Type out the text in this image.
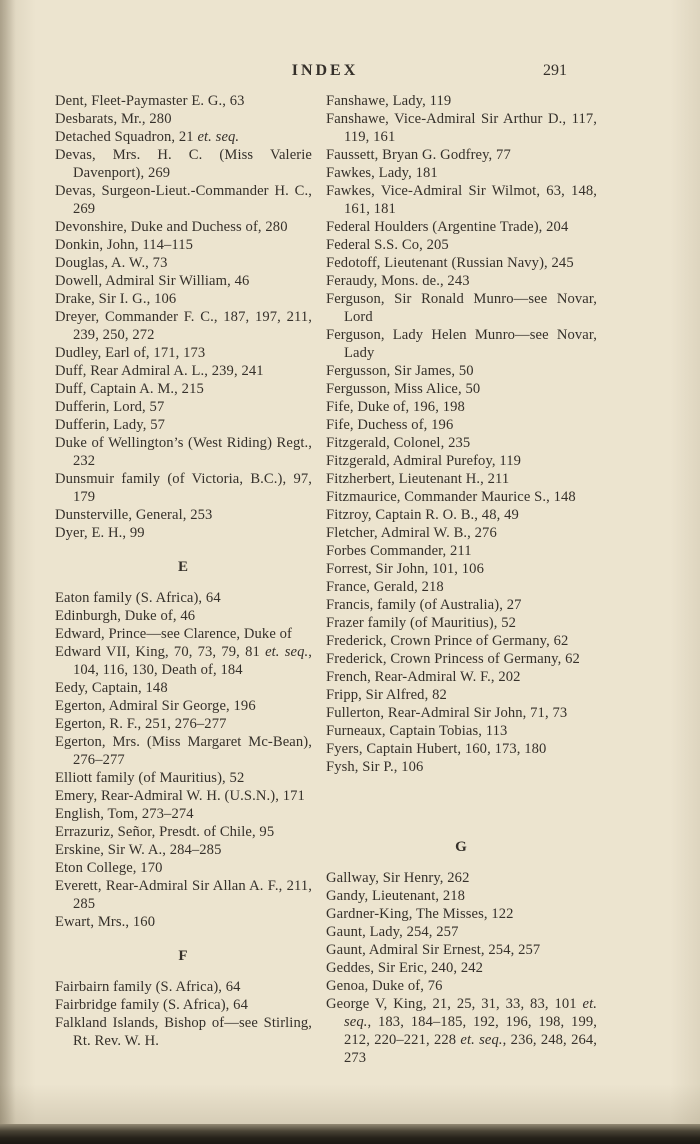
INDEX	291
Dent, Fleet-Paymaster E. G., 63
Desbarats, Mr., 280
Detached Squadron, 21 et. seq.
Devas, Mrs. H. C. (Miss Valerie Davenport), 269
Devas, Surgeon-Lieut.-Commander H. C., 269
Devonshire, Duke and Duchess of, 280
Donkin, John, 114–115
Douglas, A. W., 73
Dowell, Admiral Sir William, 46
Drake, Sir I. G., 106
Dreyer, Commander F. C., 187, 197, 211, 239, 250, 272
Dudley, Earl of, 171, 173
Duff, Rear Admiral A. L., 239, 241
Duff, Captain A. M., 215
Dufferin, Lord, 57
Dufferin, Lady, 57
Duke of Wellington’s (West Riding) Regt., 232
Dunsmuir family (of Victoria, B.C.), 97, 179
Dunsterville, General, 253
Dyer, E. H., 99
E
Eaton family (S. Africa), 64
Edinburgh, Duke of, 46
Edward, Prince—see Clarence, Duke of
Edward VII, King, 70, 73, 79, 81 et. seq., 104, 116, 130, Death of, 184
Eedy, Captain, 148
Egerton, Admiral Sir George, 196
Egerton, R. F., 251, 276–277
Egerton, Mrs. (Miss Margaret Mc-Bean), 276–277
Elliott family (of Mauritius), 52
Emery, Rear-Admiral W. H. (U.S.N.), 171
English, Tom, 273–274
Errazuriz, Señor, Presdt. of Chile, 95
Erskine, Sir W. A., 284–285
Eton College, 170
Everett, Rear-Admiral Sir Allan A. F., 211, 285
Ewart, Mrs., 160
F
Fairbairn family (S. Africa), 64
Fairbridge family (S. Africa), 64
Falkland Islands, Bishop of—see Stirling, Rt. Rev. W. H.
Fanshawe, Lady, 119
Fanshawe, Vice-Admiral Sir Arthur D., 117, 119, 161
Faussett, Bryan G. Godfrey, 77
Fawkes, Lady, 181
Fawkes, Vice-Admiral Sir Wilmot, 63, 148, 161, 181
Federal Houlders (Argentine Trade), 204
Federal S.S. Co, 205
Fedotoff, Lieutenant (Russian Navy), 245
Feraudy, Mons. de., 243
Ferguson, Sir Ronald Munro—see Novar, Lord
Ferguson, Lady Helen Munro—see Novar, Lady
Fergusson, Sir James, 50
Fergusson, Miss Alice, 50
Fife, Duke of, 196, 198
Fife, Duchess of, 196
Fitzgerald, Colonel, 235
Fitzgerald, Admiral Purefoy, 119
Fitzherbert, Lieutenant H., 211
Fitzmaurice, Commander Maurice S., 148
Fitzroy, Captain R. O. B., 48, 49
Fletcher, Admiral W. B., 276
Forbes Commander, 211
Forrest, Sir John, 101, 106
France, Gerald, 218
Francis, family (of Australia), 27
Frazer family (of Mauritius), 52
Frederick, Crown Prince of Germany, 62
Frederick, Crown Princess of Germany, 62
French, Rear-Admiral W. F., 202
Fripp, Sir Alfred, 82
Fullerton, Rear-Admiral Sir John, 71, 73
Furneaux, Captain Tobias, 113
Fyers, Captain Hubert, 160, 173, 180
Fysh, Sir P., 106
G
Gallway, Sir Henry, 262
Gandy, Lieutenant, 218
Gardner-King, The Misses, 122
Gaunt, Lady, 254, 257
Gaunt, Admiral Sir Ernest, 254, 257
Geddes, Sir Eric, 240, 242
Genoa, Duke of, 76
George V, King, 21, 25, 31, 33, 83, 101 et. seq., 183, 184–185, 192, 196, 198, 199, 212, 220–221, 228 et. seq., 236, 248, 264, 273
